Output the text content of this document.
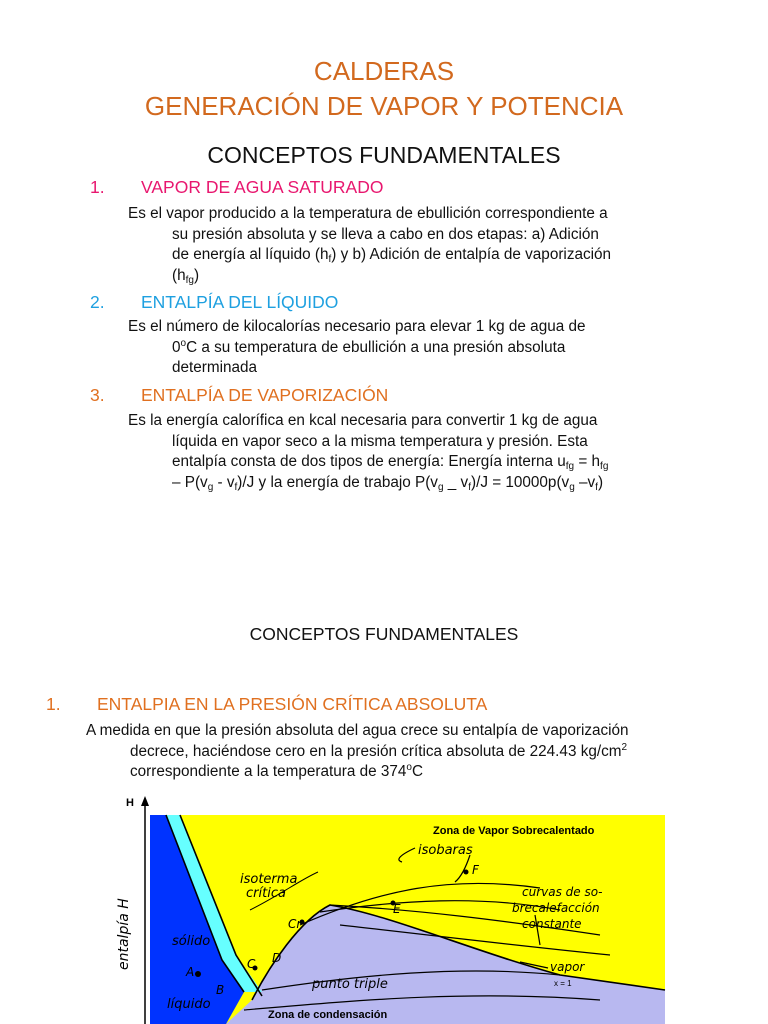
CALDERAS
GENERACIÓN DE VAPOR Y POTENCIA
CONCEPTOS FUNDAMENTALES
1. VAPOR DE AGUA SATURADO
Es el vapor producido a la temperatura de ebullición correspondiente a
su presión absoluta y se lleva a cabo en dos etapas: a) Adición
de energía al líquido $(h_f)$ y b) Adición de entalpía de vaporización
$(h_{fg})$
2. ENTALPÍA DEL LÍQUIDO
Es el número de kilocalorías necesario para elevar 1 kg de agua de
0$^o$C a su temperatura de ebullición a una presión absoluta
determinada
3. ENTALPÍA DE VAPORIZACIÓN
Es la energía calorífica en kcal necesaria para convertir 1 kg de agua
líquida en vapor seco a la misma temperatura y presión. Esta
entalpía consta de dos tipos de energía: Energía interna $u_{fg} = h_{fg}$
– $P(v_g - v_f)/J$ y la energía de trabajo $P(v_g$ _ $v_f)/J = 10000p(v_g$ $-v_f$)
CONCEPTOS FUNDAMENTALES
1. ENTALPIA EN LA PRESIÓN CRÍTICA ABSOLUTA
A medida en que la presión absoluta del agua crece su entalpía de vaporización
decrece, haciéndose cero en la presión crítica absoluta de 224.43 $kg/cm^2$
correspondiente a la temperatura de 374$^o$C
H
entalpía H
Zona de Vapor Sobrecalentado
isobaras
isoterma
crítica	curvas de so-
brecalefacción
constante
sólido
líquido
punto triple
vapor
x = 1
Zona de condensación
A
B
C
Cr
D
E
F
